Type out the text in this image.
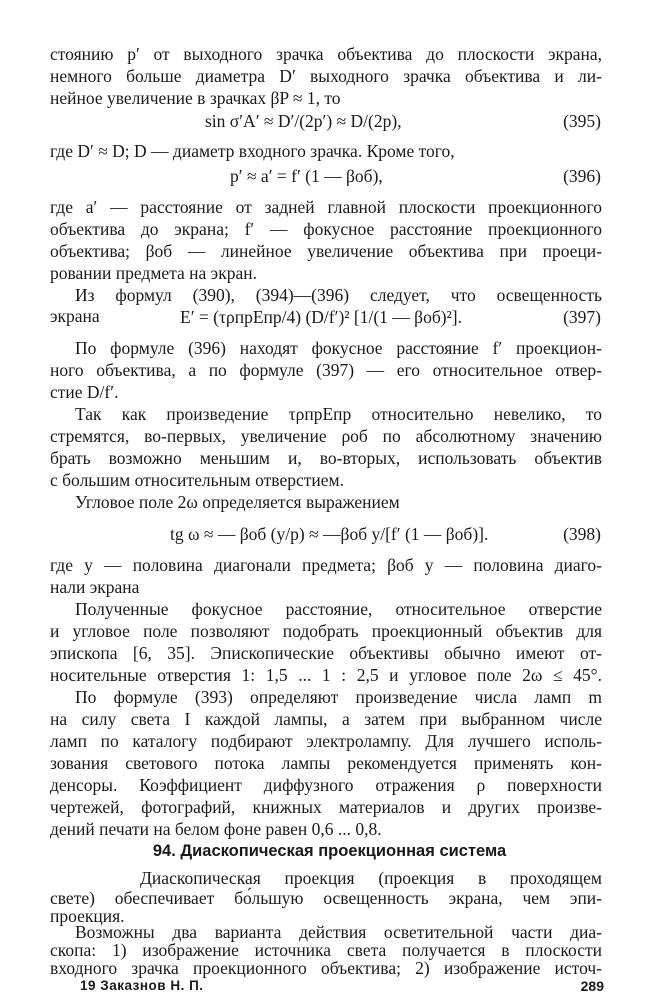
стоянию p′ от выходного зрачка объектива до плоскости экрана,
немного больше диаметра D′ выходного зрачка объектива и ли-
нейное увеличение в зрачках βP ≈ 1, то
sin σ′A′ ≈ D′/(2p′) ≈ D/(2p),	(395)
где D′ ≈ D; D — диаметр входного зрачка. Кроме того,
p′ ≈ a′ = f′ (1 — βоб),	(396)
где a′ — расстояние от задней главной плоскости проекционного
объектива до экрана; f′ — фокусное расстояние проекционного
объектива; βоб — линейное увеличение объектива при проеци-
ровании предмета на экран.
Из формул (390), (394)—(396) следует, что освещенность
экрана	E′ = (τρпрEпр/4) (D/f′)² [1/(1 — βоб)²].	(397)
По формуле (396) находят фокусное расстояние f′ проекцион-
ного объектива, а по формуле (397) — его относительное отвер-
стие D/f′.
Так как произведение τρпрEпр относительно невелико, то
стремятся, во-первых, увеличение ρоб по абсолютному значению
брать возможно меньшим и, во-вторых, использовать объектив
с большим относительным отверстием.
Угловое поле 2ω определяется выражением
tg ω ≈ — βоб (y/p) ≈ —βоб y/[f′ (1 — βоб)].	(398)
где y — половина диагонали предмета; βоб y — половина диаго-
нали экрана
Полученные фокусное расстояние, относительное отверстие
и угловое поле позволяют подобрать проекционный объектив для
эпископа [6, 35]. Эпископические объективы обычно имеют от-
носительные отверстия 1: 1,5 ... 1 : 2,5 и угловое поле 2ω ≤ 45°.
По формуле (393) определяют произведение числа ламп m
на силу света I каждой лампы, а затем при выбранном числе
ламп по каталогу подбирают электролампу. Для лучшего исполь-
зования светового потока лампы рекомендуется применять кон-
денсоры. Коэффициент диффузного отражения ρ поверхности
чертежей, фотографий, книжных материалов и других произве-
дений печати на белом фоне равен 0,6 ... 0,8.
94. Диаскопическая проекционная система
Диаскопическая проекция (проекция в проходящем
свете) обеспечивает бо́льшую освещенность экрана, чем эпи-
проекция.
Возможны два варианта действия осветительной части диа-
скопа: 1) изображение источника света получается в плоскости
входного зрачка проекционного объектива; 2) изображение источ-
19 Заказнов Н. П.	289
